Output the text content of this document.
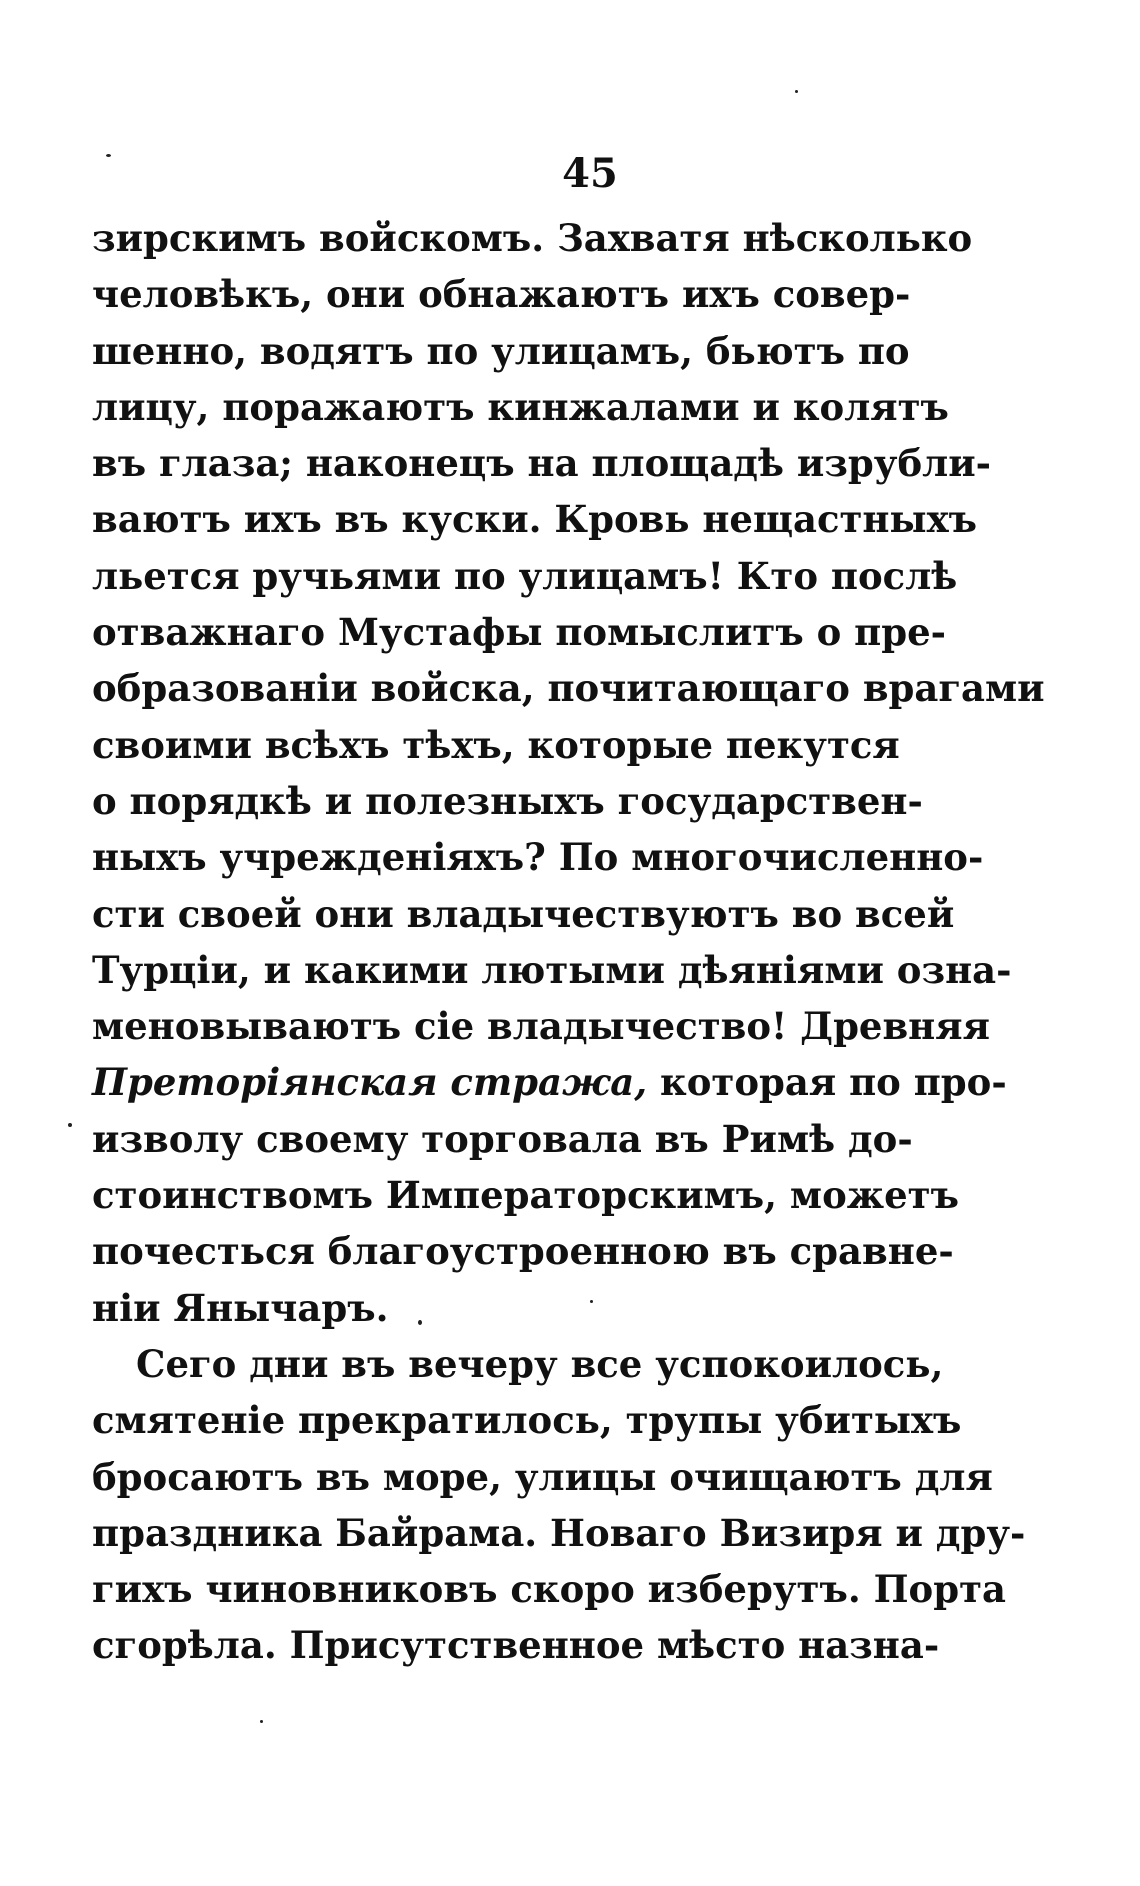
45
зирскимъ войскомъ. Захватя нѣсколько
человѣкъ, они обнажаютъ ихъ совер-
шенно, водятъ по улицамъ, бьютъ по
лицу, поражаютъ кинжалами и колятъ
въ глаза; наконецъ на площадѣ изрубли-
ваютъ ихъ въ куски. Кровь нещастныхъ
льется ручьями по улицамъ! Кто послѣ
отважнаго Мустафы помыслитъ о пре-
образованіи войска, почитающаго врагами
своими всѣхъ тѣхъ, которые пекутся
о порядкѣ и полезныхъ государствен-
ныхъ учрежденіяхъ? По многочисленно-
сти своей они владычествуютъ во всей
Турціи, и какими лютыми дѣяніями озна-
меновываютъ сіе владычество! Древняя
Преторіянская стража, которая по про-
изволу своему торговала въ Римѣ до-
стоинствомъ Императорскимъ, можетъ
почесться благоустроенною въ сравне-
ніи Янычаръ.
Сего дни въ вечеру все успокоилось,
смятеніе прекратилось, трупы убитыхъ
бросаютъ въ море, улицы очищаютъ для
праздника Байрама. Новаго Визиря и дру-
гихъ чиновниковъ скоро изберутъ. Порта
сгорѣла. Присутственное мѣсто назна-
